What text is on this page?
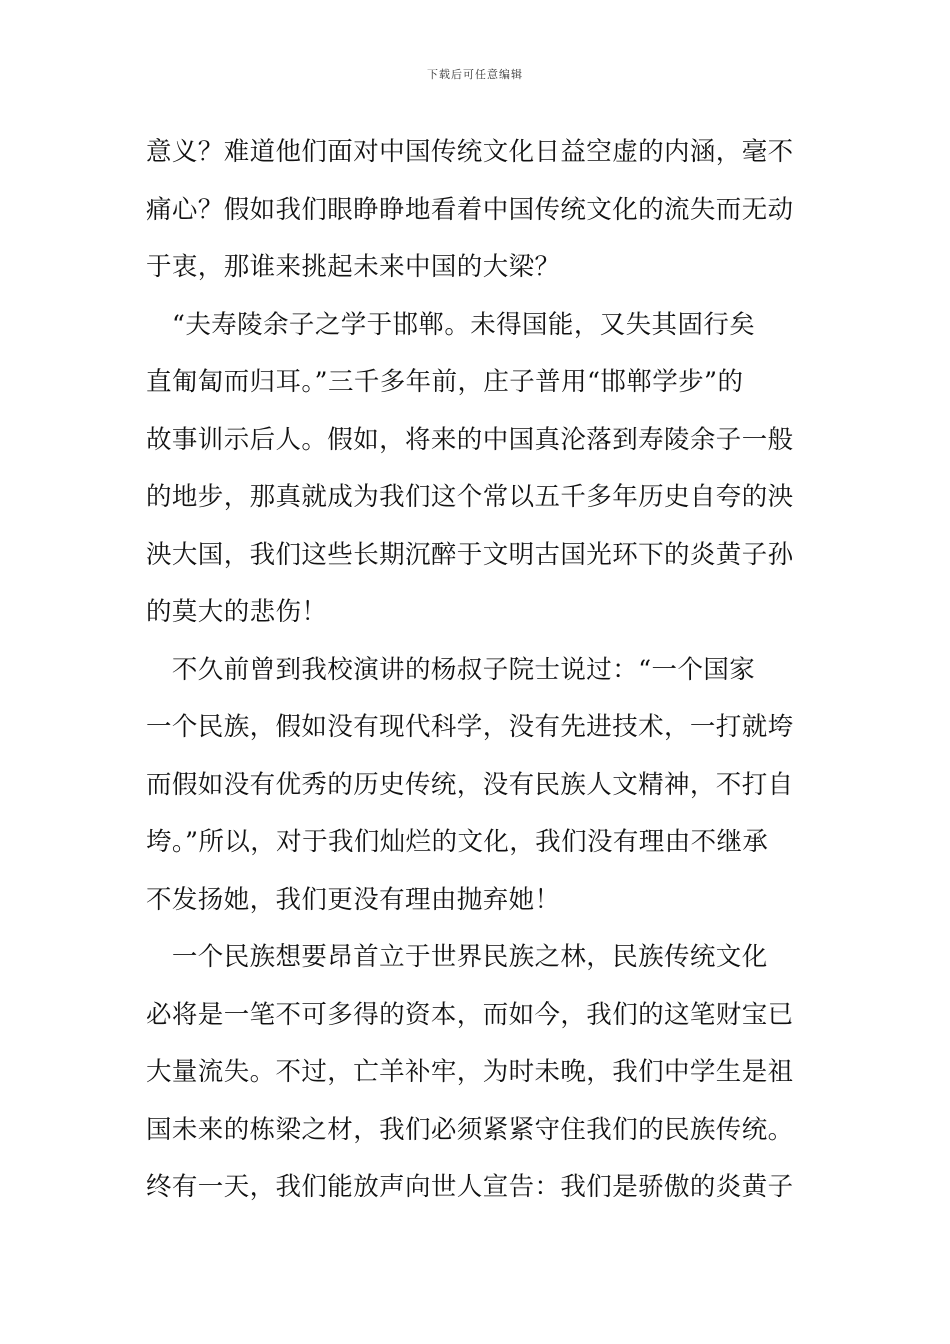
下载后可任意编辑
意义？难道他们面对中国传统文化日益空虚的内涵，毫不
痛心？假如我们眼睁睁地看着中国传统文化的流失而无动
于衷，那谁来挑起未来中国的大梁？
　“夫寿陵余子之学于邯郸。未得国能，又失其固行矣
直匍匐而归耳。”三千多年前，庄子普用“邯郸学步”的
故事训示后人。假如，将来的中国真沦落到寿陵余子一般
的地步，那真就成为我们这个常以五千多年历史自夸的泱
泱大国，我们这些长期沉醉于文明古国光环下的炎黄子孙
的莫大的悲伤！
　不久前曾到我校演讲的杨叔子院士说过：“一个国家
一个民族，假如没有现代科学，没有先进技术，一打就垮
而假如没有优秀的历史传统，没有民族人文精神，不打自
垮。”所以，对于我们灿烂的文化，我们没有理由不继承
不发扬她，我们更没有理由抛弃她！
　一个民族想要昂首立于世界民族之林，民族传统文化
必将是一笔不可多得的资本，而如今，我们的这笔财宝已
大量流失。不过，亡羊补牢，为时未晚，我们中学生是祖
国未来的栋梁之材，我们必须紧紧守住我们的民族传统。
终有一天，我们能放声向世人宣告：我们是骄傲的炎黄子
